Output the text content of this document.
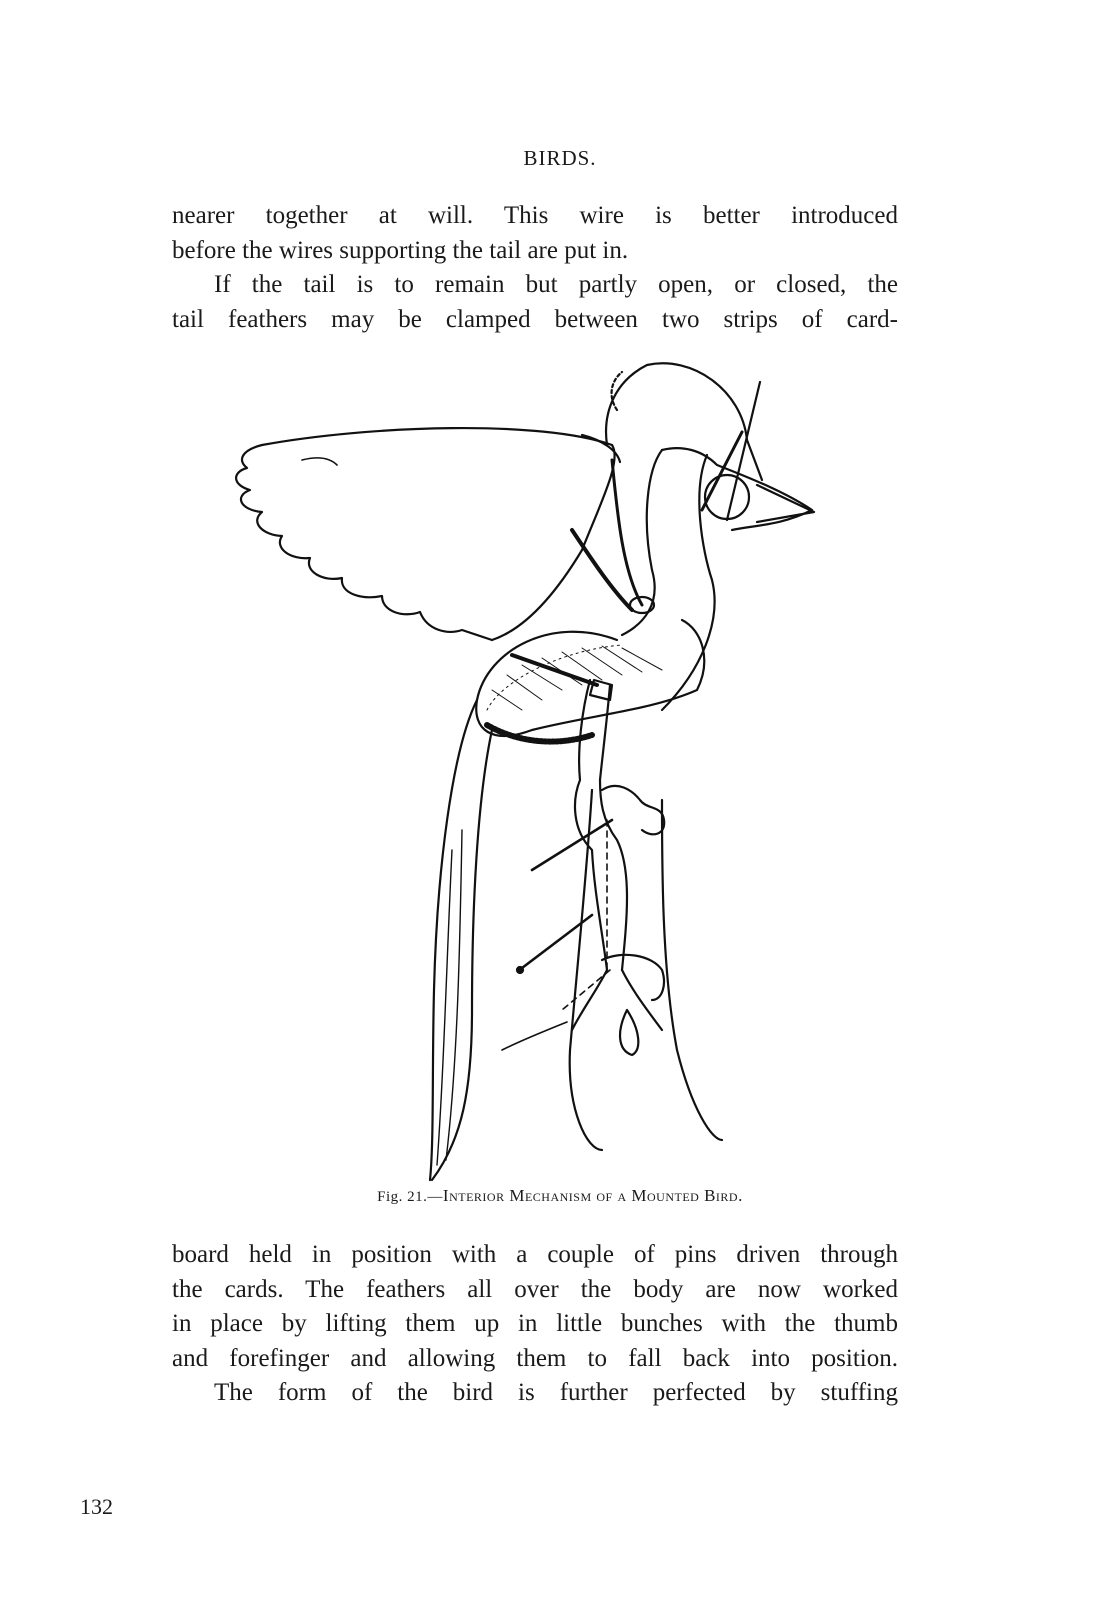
BIRDS.
nearer together at will. This wire is better introduced
before the wires supporting the tail are put in.
If the tail is to remain but partly open, or closed, the
tail feathers may be clamped between two strips of card-
Fig. 21.—Interior Mechanism of a Mounted Bird.
board held in position with a couple of pins driven through
the cards. The feathers all over the body are now worked
in place by lifting them up in little bunches with the thumb
and forefinger and allowing them to fall back into position.
The form of the bird is further perfected by stuffing
132
